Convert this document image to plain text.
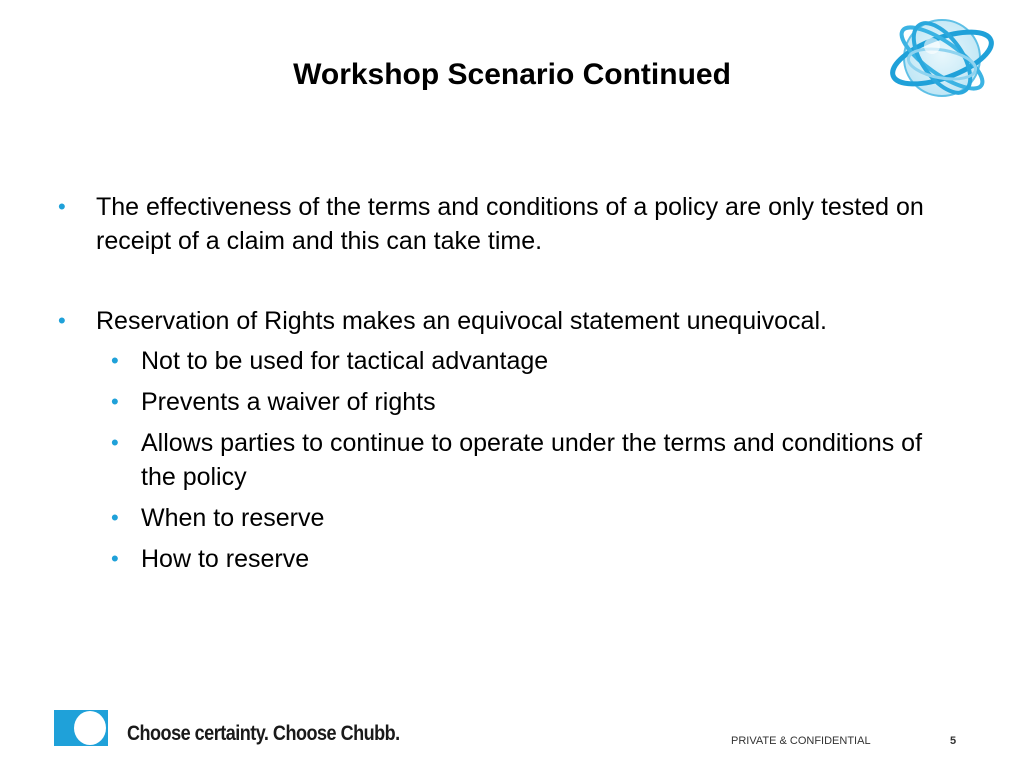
Workshop Scenario Continued
• The effectiveness of the terms and conditions of a policy are only tested on receipt of a claim and this can take time.
• Reservation of Rights makes an equivocal statement unequivocal.
• Not to be used for tactical advantage
• Prevents a waiver of rights
• Allows parties to continue to operate under the terms and conditions of the policy
• When to reserve
• How to reserve
Choose certainty. Choose Chubb.	PRIVATE & CONFIDENTIAL	5
